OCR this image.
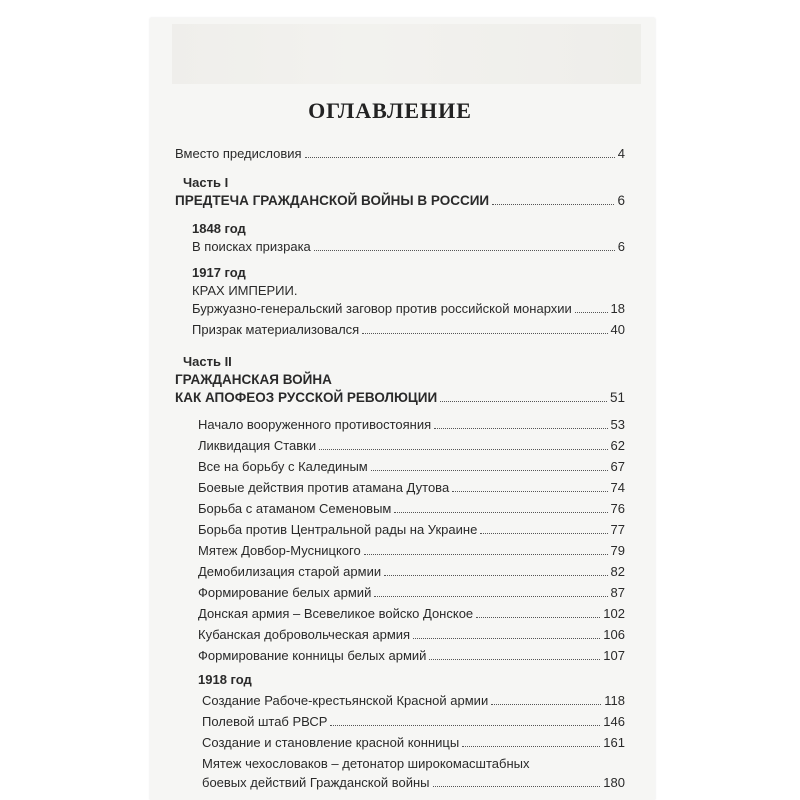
ОГЛАВЛЕНИЕ
Вместо предисловия	4
Часть I
ПРЕДТЕЧА ГРАЖДАНСКОЙ ВОЙНЫ В РОССИИ	6
1848 год
В поисках призрака	6
1917 год
КРАХ ИМПЕРИИ.
Буржуазно-генеральский заговор против российской монархии	18
Призрак материализовался	40
Часть II
ГРАЖДАНСКАЯ ВОЙНА
КАК АПОФЕОЗ РУССКОЙ РЕВОЛЮЦИИ	51
Начало вооруженного противостояния	53
Ликвидация Ставки	62
Все на борьбу с Калединым	67
Боевые действия против атамана Дутова	74
Борьба с атаманом Семеновым	76
Борьба против Центральной рады на Украине	77
Мятеж Довбор-Мусницкого	79
Демобилизация старой армии	82
Формирование белых армий	87
Донская армия – Всевеликое войско Донское	102
Кубанская добровольческая армия	106
Формирование конницы белых армий	107
1918 год
Создание Рабоче-крестьянской Красной армии	118
Полевой штаб РВСР	146
Создание и становление красной конницы	161
Мятеж чехословаков – детонатор широкомасштабных
боевых действий Гражданской войны	180
